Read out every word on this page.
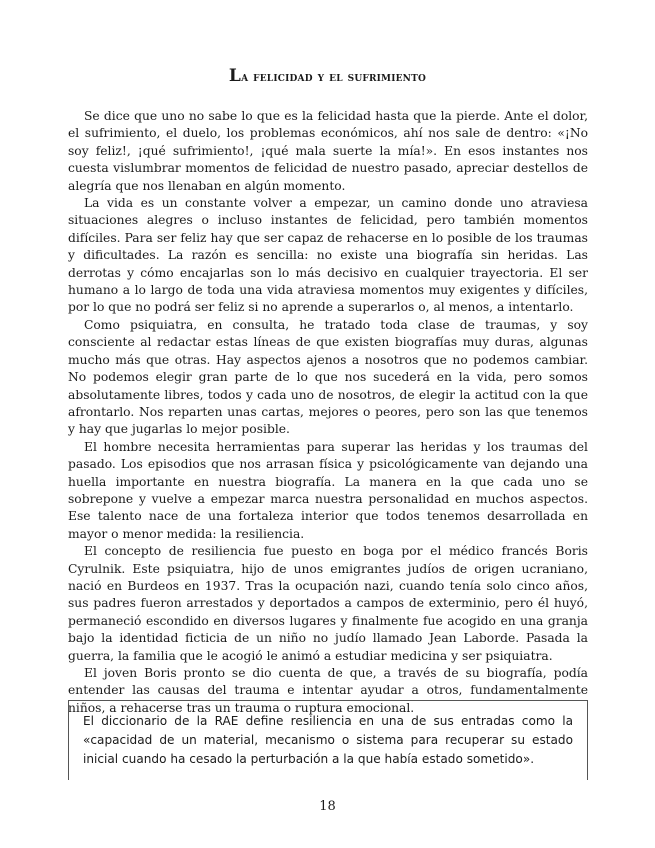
La felicidad y el sufrimiento

Se dice que uno no sabe lo que es la felicidad hasta que la pierde. Ante el dolor, el sufrimiento, el duelo, los problemas económicos, ahí nos sale de dentro: «¡No soy feliz!, ¡qué sufrimiento!, ¡qué mala suerte la mía!». En esos instantes nos cuesta vislumbrar momentos de felicidad de nuestro pasado, apreciar destellos de alegría que nos llenaban en algún momento.

La vida es un constante volver a empezar, un camino donde uno atraviesa situaciones alegres o incluso instantes de felicidad, pero también momentos difíciles. Para ser feliz hay que ser capaz de rehacerse en lo posible de los traumas y dificultades. La razón es sencilla: no existe una biografía sin heridas. Las derrotas y cómo encajarlas son lo más decisivo en cualquier trayectoria. El ser humano a lo largo de toda una vida atraviesa momentos muy exigentes y difíciles, por lo que no podrá ser feliz si no aprende a superarlos o, al menos, a intentarlo.

Como psiquiatra, en consulta, he tratado toda clase de traumas, y soy consciente al redactar estas líneas de que existen biografías muy duras, algunas mucho más que otras. Hay aspectos ajenos a nosotros que no podemos cambiar. No podemos elegir gran parte de lo que nos sucederá en la vida, pero somos absolutamente libres, todos y cada uno de nosotros, de elegir la actitud con la que afrontarlo. Nos reparten unas cartas, mejores o peores, pero son las que tenemos y hay que jugarlas lo mejor posible.

El hombre necesita herramientas para superar las heridas y los traumas del pasado. Los episodios que nos arrasan física y psicológicamente van dejando una huella importante en nuestra biografía. La manera en la que cada uno se sobrepone y vuelve a empezar marca nuestra personalidad en muchos aspectos. Ese talento nace de una fortaleza interior que todos tenemos desarrollada en mayor o menor medida: la resiliencia.

El concepto de resiliencia fue puesto en boga por el médico francés Boris Cyrulnik. Este psiquiatra, hijo de unos emigrantes judíos de origen ucraniano, nació en Burdeos en 1937. Tras la ocupación nazi, cuando tenía solo cinco años, sus padres fueron arrestados y deportados a campos de exterminio, pero él huyó, permaneció escondido en diversos lugares y finalmente fue acogido en una granja bajo la identidad ficticia de un niño no judío llamado Jean Laborde. Pasada la guerra, la familia que le acogió le animó a estudiar medicina y ser psiquiatra.

El joven Boris pronto se dio cuenta de que, a través de su biografía, podía entender las causas del trauma e intentar ayudar a otros, fundamentalmente niños, a rehacerse tras un trauma o ruptura emocional.

El diccionario de la RAE define resiliencia en una de sus entradas como la «capacidad de un material, mecanismo o sistema para recuperar su estado inicial cuando ha cesado la perturbación a la que había estado sometido».

18
